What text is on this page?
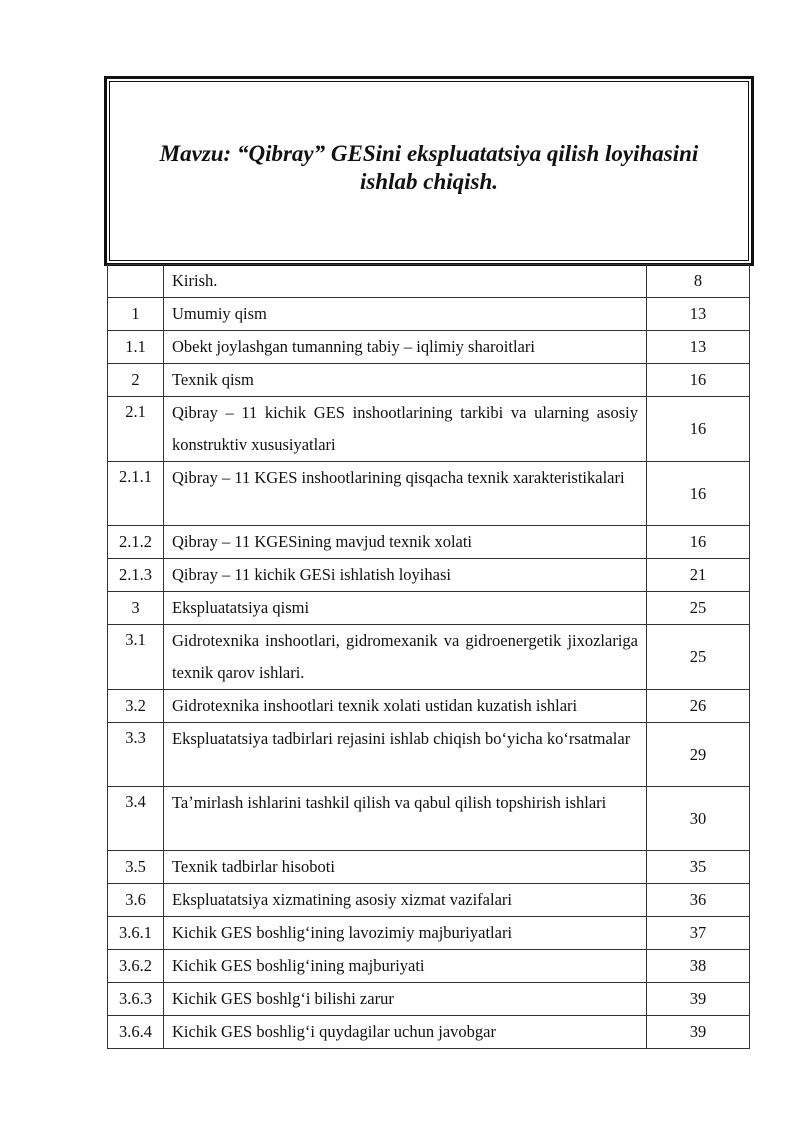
Mavzu: “Qibray” GESini ekspluatatsiya qilish loyihasini ishlab chiqish.
	Kirish.	8
1	Umumiy qism	13
1.1	Obekt joylashgan tumanning tabiy – iqlimiy sharoitlari	13
2	Texnik qism	16
2.1	Qibray – 11 kichik GES inshootlarining tarkibi va ularning asosiy konstruktiv xususiyatlari	16
2.1.1	Qibray – 11 KGES inshootlarining qisqacha texnik xarakteristikalari	16
2.1.2	Qibray – 11 KGESining mavjud texnik xolati	16
2.1.3	Qibray – 11 kichik GESi ishlatish loyihasi	21
3	Ekspluatatsiya qismi	25
3.1	Gidrotexnika inshootlari, gidromexanik va gidroenergetik jixozlariga texnik qarov ishlari.	25
3.2	Gidrotexnika inshootlari texnik xolati ustidan kuzatish ishlari	26
3.3	Ekspluatatsiya tadbirlari rejasini ishlab chiqish boʻyicha koʻrsatmalar	29
3.4	Taʼmirlash ishlarini tashkil qilish va qabul qilish topshirish ishlari	30
3.5	Texnik tadbirlar hisoboti	35
3.6	Ekspluatatsiya xizmatining asosiy xizmat vazifalari	36
3.6.1	Kichik GES boshligʻining lavozimiy majburiyatlari	37
3.6.2	Kichik GES boshligʻining majburiyati	38
3.6.3	Kichik GES boshlgʻi bilishi zarur	39
3.6.4	Kichik GES boshligʻi quydagilar uchun javobgar	39
